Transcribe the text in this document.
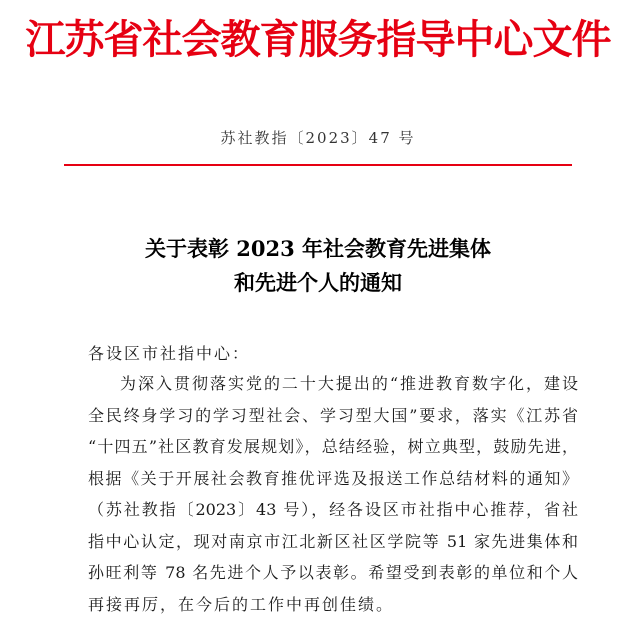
江苏省社会教育服务指导中心文件
苏社教指〔2023〕47 号
关于表彰 2023 年社会教育先进集体
和先进个人的通知
各设区市社指中心：
为深入贯彻落实党的二十大提出的“推进教育数字化，建设
全民终身学习的学习型社会、学习型大国”要求，落实《江苏省
“十四五”社区教育发展规划》，总结经验，树立典型，鼓励先进，
根据《关于开展社会教育推优评选及报送工作总结材料的通知》
（苏社教指〔2023〕43 号），经各设区市社指中心推荐，省社
指中心认定，现对南京市江北新区社区学院等 51 家先进集体和
孙旺利等 78 名先进个人予以表彰。希望受到表彰的单位和个人
再接再厉，在今后的工作中再创佳绩。
